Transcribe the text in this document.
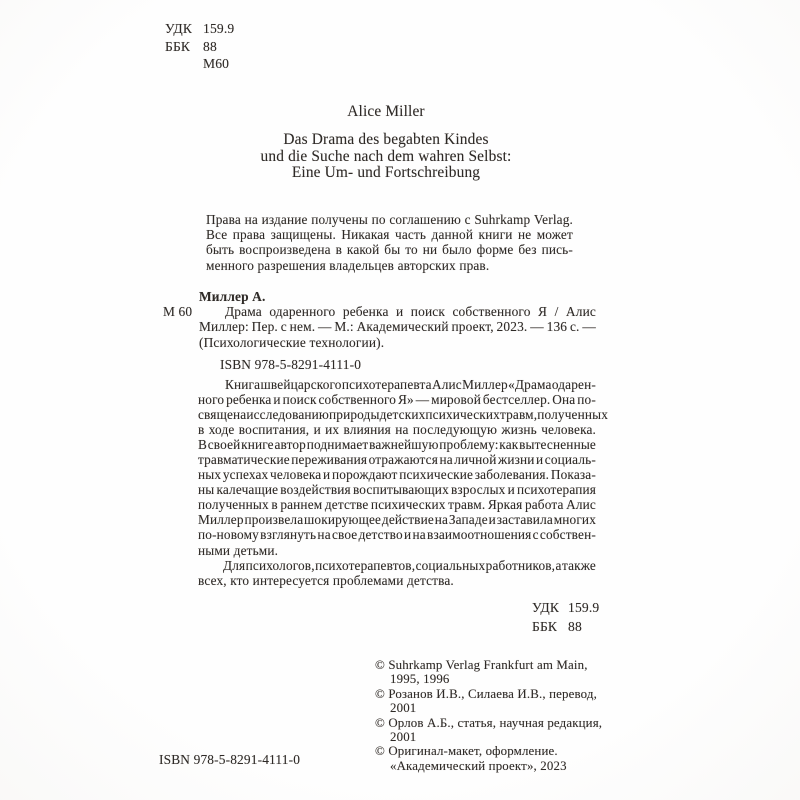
УДК 159.9
ББК 88
М60
Alice Miller
Das Drama des begabten Kindes
und die Suche nach dem wahren Selbst:
Eine Um- und Fortschreibung
Права на издание получены по соглашению с Suhrkamp Verlag.
Все права защищены. Никакая часть данной книги не может
быть воспроизведена в какой бы то ни было форме без пись-
менного разрешения владельцев авторских прав.
Миллер А.
М 60 Драма одаренного ребенка и поиск собственного Я / Алис
Миллер: Пер. с нем. — М.: Академический проект, 2023. — 136 с. —
(Психологические технологии).
ISBN 978-5-8291-4111-0
Книга швейцарского психотерапевта Алис Миллер «Драма одарен-
ного ребенка и поиск собственного Я» — мировой бестселлер. Она по-
священа исследованию природы детских психических травм, полученных
в ходе воспитания, и их влияния на последующую жизнь человека.
В своей книге автор поднимает важнейшую проблему: как вытесненные
травматические переживания отражаются на личной жизни и социаль-
ных успехах человека и порождают психические заболевания. Показа-
ны калечащие воздействия воспитывающих взрослых и психотерапия
полученных в раннем детстве психических травм. Яркая работа Алис
Миллер произвела шокирующее действие на Западе и заставила многих
по-новому взглянуть на свое детство и на взаимоотношения с собствен-
ными детьми.
Для психологов, психотерапевтов, социальных работников, а также
всех, кто интересуется проблемами детства.
УДК 159.9
ББК 88
© Suhrkamp Verlag Frankfurt am Main,
1995, 1996
© Розанов И.В., Силаева И.В., перевод,
2001
© Орлов А.Б., статья, научная редакция,
2001
© Оригинал-макет, оформление.
«Академический проект», 2023
ISBN 978-5-8291-4111-0
